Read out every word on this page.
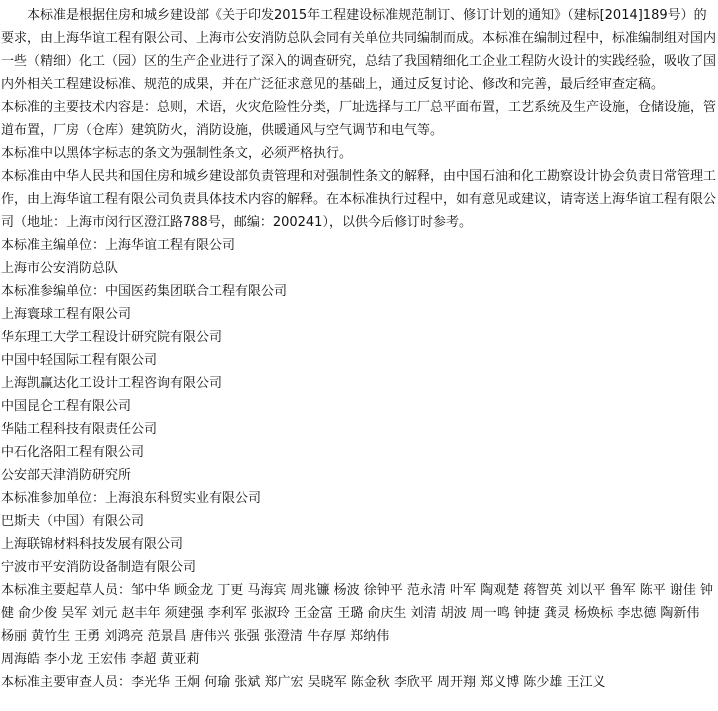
本标准是根据住房和城乡建设部《关于印发2015年工程建设标准规范制订、修订计划的通知》（建标[2014]189号）的要求，由上海华谊工程有限公司、上海市公安消防总队会同有关单位共同编制而成。本标准在编制过程中，标准编制组对国内一些（精细）化工（园）区的生产企业进行了深入的调查研究，总结了我国精细化工企业工程防火设计的实践经验，吸收了国内外相关工程建设标准、规范的成果，并在广泛征求意见的基础上，通过反复讨论、修改和完善，最后经审查定稿。

本标准的主要技术内容是：总则，术语，火灾危险性分类，厂址选择与工厂总平面布置，工艺系统及生产设施，仓储设施，管道布置，厂房（仓库）建筑防火，消防设施，供暖通风与空气调节和电气等。

本标准中以黑体字标志的条文为强制性条文，必须严格执行。

本标准由中华人民共和国住房和城乡建设部负责管理和对强制性条文的解释，由中国石油和化工勘察设计协会负责日常管理工作，由上海华谊工程有限公司负责具体技术内容的解释。在本标准执行过程中，如有意见或建议，请寄送上海华谊工程有限公司（地址：上海市闵行区澄江路788号，邮编：200241），以供今后修订时参考。

本标准主编单位：上海华谊工程有限公司

上海市公安消防总队

本标准参编单位：中国医药集团联合工程有限公司

上海寰球工程有限公司

华东理工大学工程设计研究院有限公司

中国中轻国际工程有限公司

上海凯赢达化工设计工程咨询有限公司

中国昆仑工程有限公司

华陆工程科技有限责任公司

中石化洛阳工程有限公司

公安部天津消防研究所

本标准参加单位：上海浪东科贸实业有限公司

巴斯夫（中国）有限公司

上海联锦材料科技发展有限公司

宁波市平安消防设备制造有限公司

本标准主要起草人员：邹中华 顾金龙 丁更 马海宾 周兆镰 杨波 徐钟平 范永清 叶军 陶观楚 蒋智英 刘以平 鲁军 陈平 谢佳 钟健 俞少俊 吴军 刘元 赵丰年 须建强 李利军 张淑玲 王金富 王璐 俞庆生 刘清 胡波 周一鸣 钟捷 龚灵 杨焕标 李忠德 陶新伟 杨丽 黄竹生 王勇 刘鸿亮 范景昌 唐伟兴 张强 张澄清 牛存厚 郑纳伟

周海皓 李小龙 王宏伟 李超 黄亚莉

本标准主要审查人员：李光华 王炯 何瑜 张斌 郑广宏 吴晓军 陈金秋 李欣平 周开翔 郑义博 陈少雄 王江义
